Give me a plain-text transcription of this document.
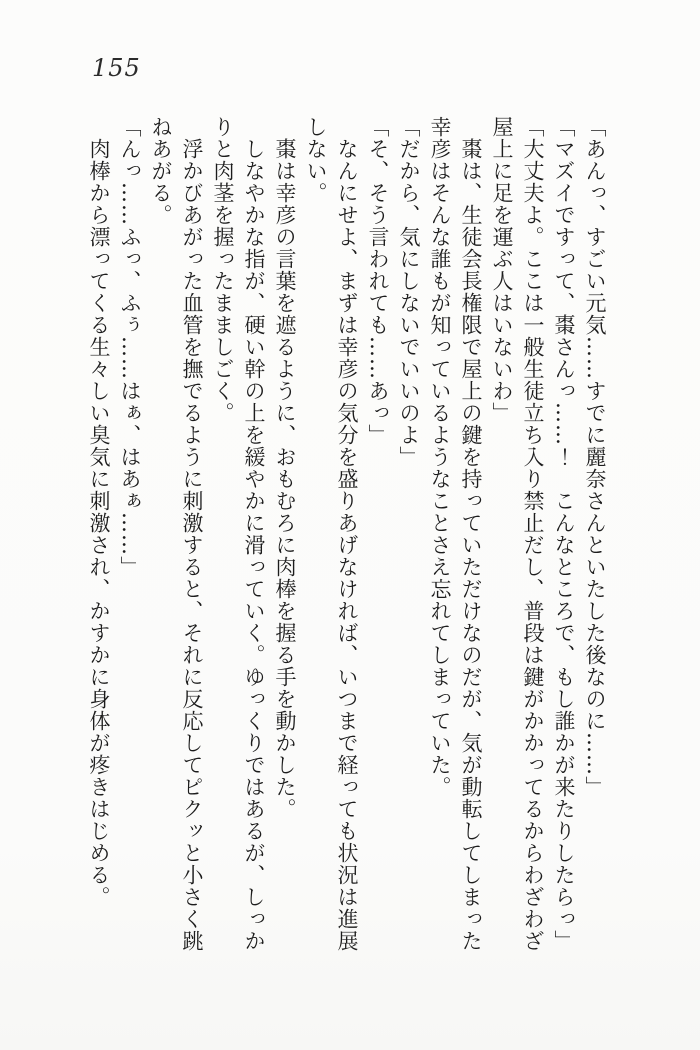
155
「あんっ、すごい元気……すでに麗奈さんといたした後なのに……」
「マズイですって、棗さんっ……！　こんなところで、もし誰かが来たりしたらっ」
「大丈夫よ。ここは一般生徒立ち入り禁止だし、普段は鍵がかかってるからわざわざ
屋上に足を運ぶ人はいないわ」
　棗は、生徒会長権限で屋上の鍵を持っていただけなのだが、気が動転してしまった
幸彦はそんな誰もが知っているようなことさえ忘れてしまっていた。
「だから、気にしないでいいのよ」
「そ、そう言われても……あっ」
　なんにせよ、まずは幸彦の気分を盛りあげなければ、いつまで経っても状況は進展
しない。
　棗は幸彦の言葉を遮るように、おもむろに肉棒を握る手を動かした。
　しなやかな指が、硬い幹の上を緩やかに滑っていく。ゆっくりではあるが、しっか
りと肉茎を握ったまましごく。
　浮かびあがった血管を撫でるように刺激すると、それに反応してピクッと小さく跳
ねあがる。
「んっ……ふっ、ふぅ……はぁ、はあぁ……」
　肉棒から漂ってくる生々しい臭気に刺激され、かすかに身体が疼きはじめる。
